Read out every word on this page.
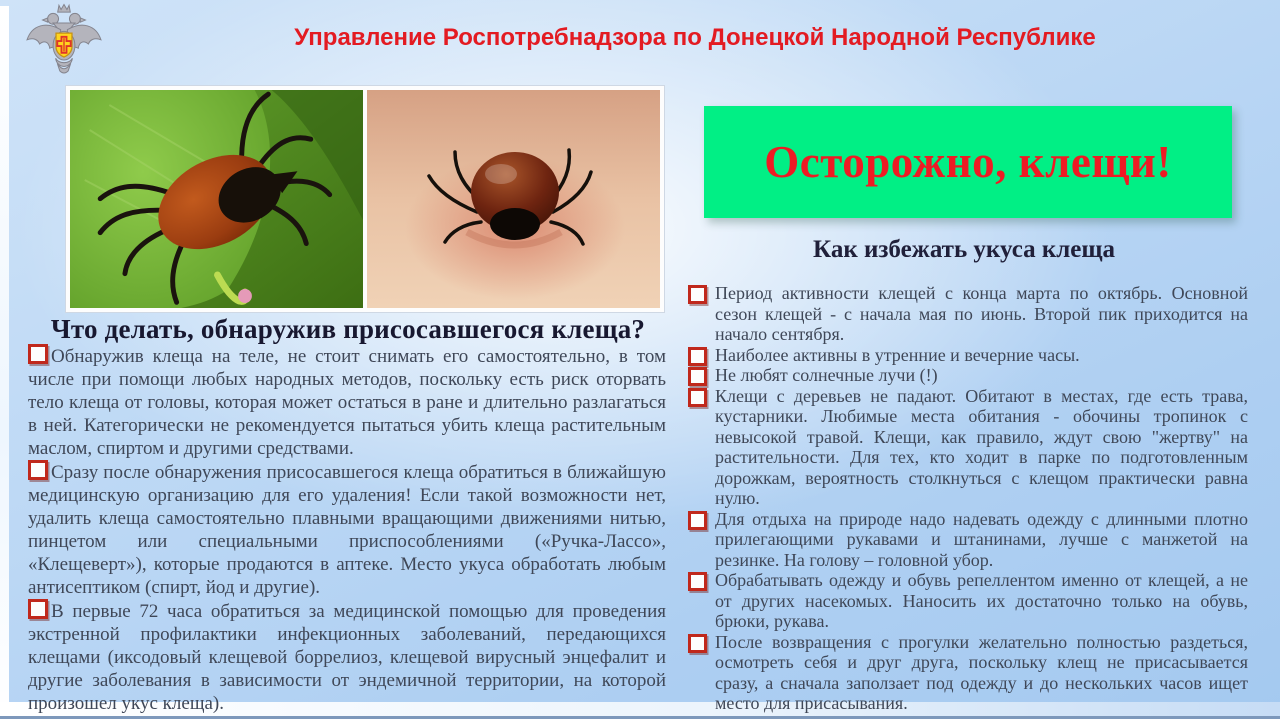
Управление Роспотребнадзора по Донецкой Народной Республике
Что делать, обнаружив присосавшегося клеща?

Обнаружив клеща на теле, не стоит снимать его самостоятельно, в том числе при помощи любых народных методов, поскольку есть риск оторвать тело клеща от головы, которая может остаться в ране и длительно разлагаться в ней. Категорически не рекомендуется пытаться убить клеща растительным маслом, спиртом и другими средствами.

Сразу после обнаружения присосавшегося клеща обратиться в ближайшую медицинскую организацию для его удаления! Если такой возможности нет, удалить клеща самостоятельно плавными вращающими движениями нитью, пинцетом или специальными приспособлениями («Ручка-Лассо», «Клещеверт»), которые продаются в аптеке. Место укуса обработать любым антисептиком (спирт, йод и другие).

В первые 72 часа обратиться за медицинской помощью для проведения экстренной профилактики инфекционных заболеваний, передающихся клещами (иксодовый клещевой боррелиоз, клещевой вирусный энцефалит и другие заболевания в зависимости от эндемичной территории, на которой произошел укус клеща).

Осторожно, клещи!
Как избежать укуса клеща
Период активности клещей с конца марта по октябрь. Основной сезон клещей - с начала мая по июнь. Второй пик приходится на начало сентября.
Наиболее активны в утренние и вечерние часы.
Не любят солнечные лучи (!)
Клещи с деревьев не падают. Обитают в местах, где есть трава, кустарники. Любимые места обитания - обочины тропинок с невысокой травой. Клещи, как правило, ждут свою "жертву" на растительности. Для тех, кто ходит в парке по подготовленным дорожкам, вероятность столкнуться с клещом практически равна нулю.
Для отдыха на природе надо надевать одежду с длинными плотно прилегающими рукавами и штанинами, лучше с манжетой на резинке. На голову – головной убор.
Обрабатывать одежду и обувь репеллентом именно от клещей, а не от других насекомых. Наносить их достаточно только на обувь, брюки, рукава.
После возвращения с прогулки желательно полностью раздеться, осмотреть себя и друг друга, поскольку клещ не присасывается сразу, а сначала заползает под одежду и до нескольких часов ищет место для присасывания.
